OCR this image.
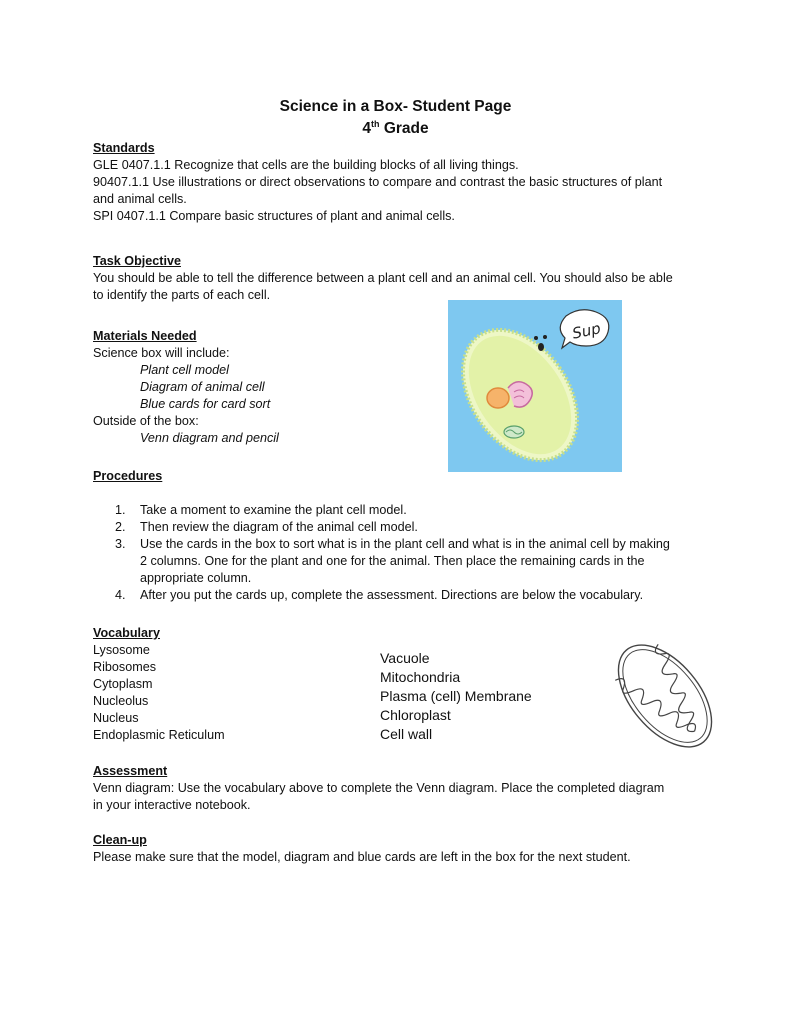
Science in a Box- Student Page
4th Grade
Standards
GLE 0407.1.1 Recognize that cells are the building blocks of all living things.
90407.1.1 Use illustrations or direct observations to compare and contrast the basic structures of plant
and animal cells.
SPI 0407.1.1 Compare basic structures of plant and animal cells.
Task Objective
You should be able to tell the difference between a plant cell and an animal cell. You should also be able
to identify the parts of each cell.
Materials Needed
Science box will include:
Plant cell model
Diagram of animal cell
Blue cards for card sort
Outside of the box:
Venn diagram and pencil
Sup
Procedures
1. Take a moment to examine the plant cell model.
2. Then review the diagram of the animal cell model.
3. Use the cards in the box to sort what is in the plant cell and what is in the animal cell by making
2 columns. One for the plant and one for the animal. Then place the remaining cards in the
appropriate column.
4. After you put the cards up, complete the assessment. Directions are below the vocabulary.
Vocabulary
Lysosome
Ribosomes
Cytoplasm
Nucleolus
Nucleus
Endoplasmic Reticulum
Vacuole
Mitochondria
Plasma (cell) Membrane
Chloroplast
Cell wall
Assessment
Venn diagram: Use the vocabulary above to complete the Venn diagram. Place the completed diagram
in your interactive notebook.
Clean-up
Please make sure that the model, diagram and blue cards are left in the box for the next student.
